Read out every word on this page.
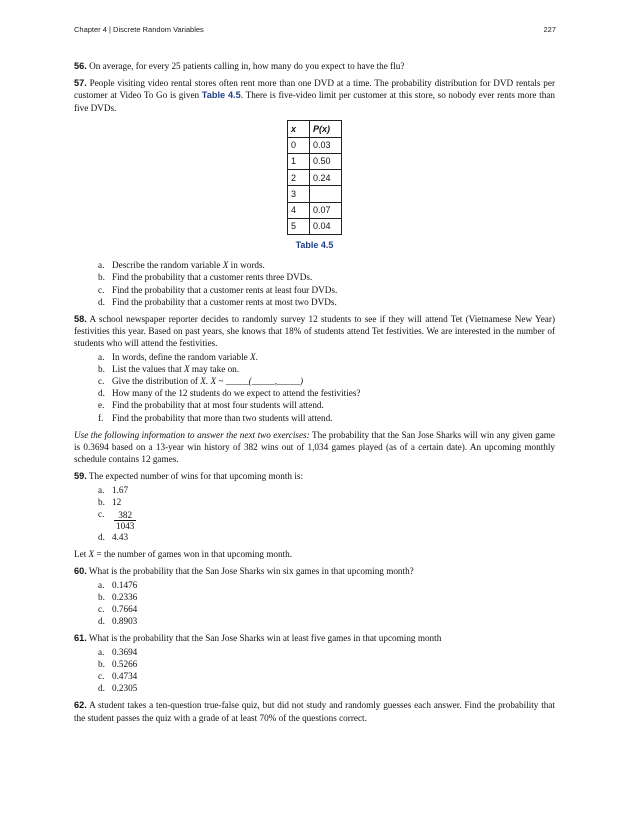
Chapter 4 | Discrete Random Variables	227

56. On average, for every 25 patients calling in, how many do you expect to have the flu?

57. People visiting video rental stores often rent more than one DVD at a time. The probability distribution for DVD rentals per customer at Video To Go is given Table 4.5. There is five-video limit per customer at this store, so nobody ever rents more than five DVDs.

x	P(x)
0	0.03
1	0.50
2	0.24
3	
4	0.07
5	0.04
Table 4.5
a. Describe the random variable X in words.
b. Find the probability that a customer rents three DVDs.
c. Find the probability that a customer rents at least four DVDs.
d. Find the probability that a customer rents at most two DVDs.

58. A school newspaper reporter decides to randomly survey 12 students to see if they will attend Tet (Vietnamese New Year) festivities this year. Based on past years, she knows that 18% of students attend Tet festivities. We are interested in the number of students who will attend the festivities.

a. In words, define the random variable X.
b. List the values that X may take on.
c. Give the distribution of X. X ~ _____(_____,_____)
d. How many of the 12 students do we expect to attend the festivities?
e. Find the probability that at most four students will attend.
f. Find the probability that more than two students will attend.

Use the following information to answer the next two exercises: The probability that the San Jose Sharks will win any given game is 0.3694 based on a 13-year win history of 382 wins out of 1,034 games played (as of a certain date). An upcoming monthly schedule contains 12 games.

59. The expected number of wins for that upcoming month is:

a. 1.67
b. 12
c. $\frac{382}{1043}$
d. 4.43

Let X = the number of games won in that upcoming month.

60. What is the probability that the San Jose Sharks win six games in that upcoming month?

a. 0.1476
b. 0.2336
c. 0.7664
d. 0.8903

61. What is the probability that the San Jose Sharks win at least five games in that upcoming month

a. 0.3694
b. 0.5266
c. 0.4734
d. 0.2305

62. A student takes a ten-question true-false quiz, but did not study and randomly guesses each answer. Find the probability that the student passes the quiz with a grade of at least 70% of the questions correct.
